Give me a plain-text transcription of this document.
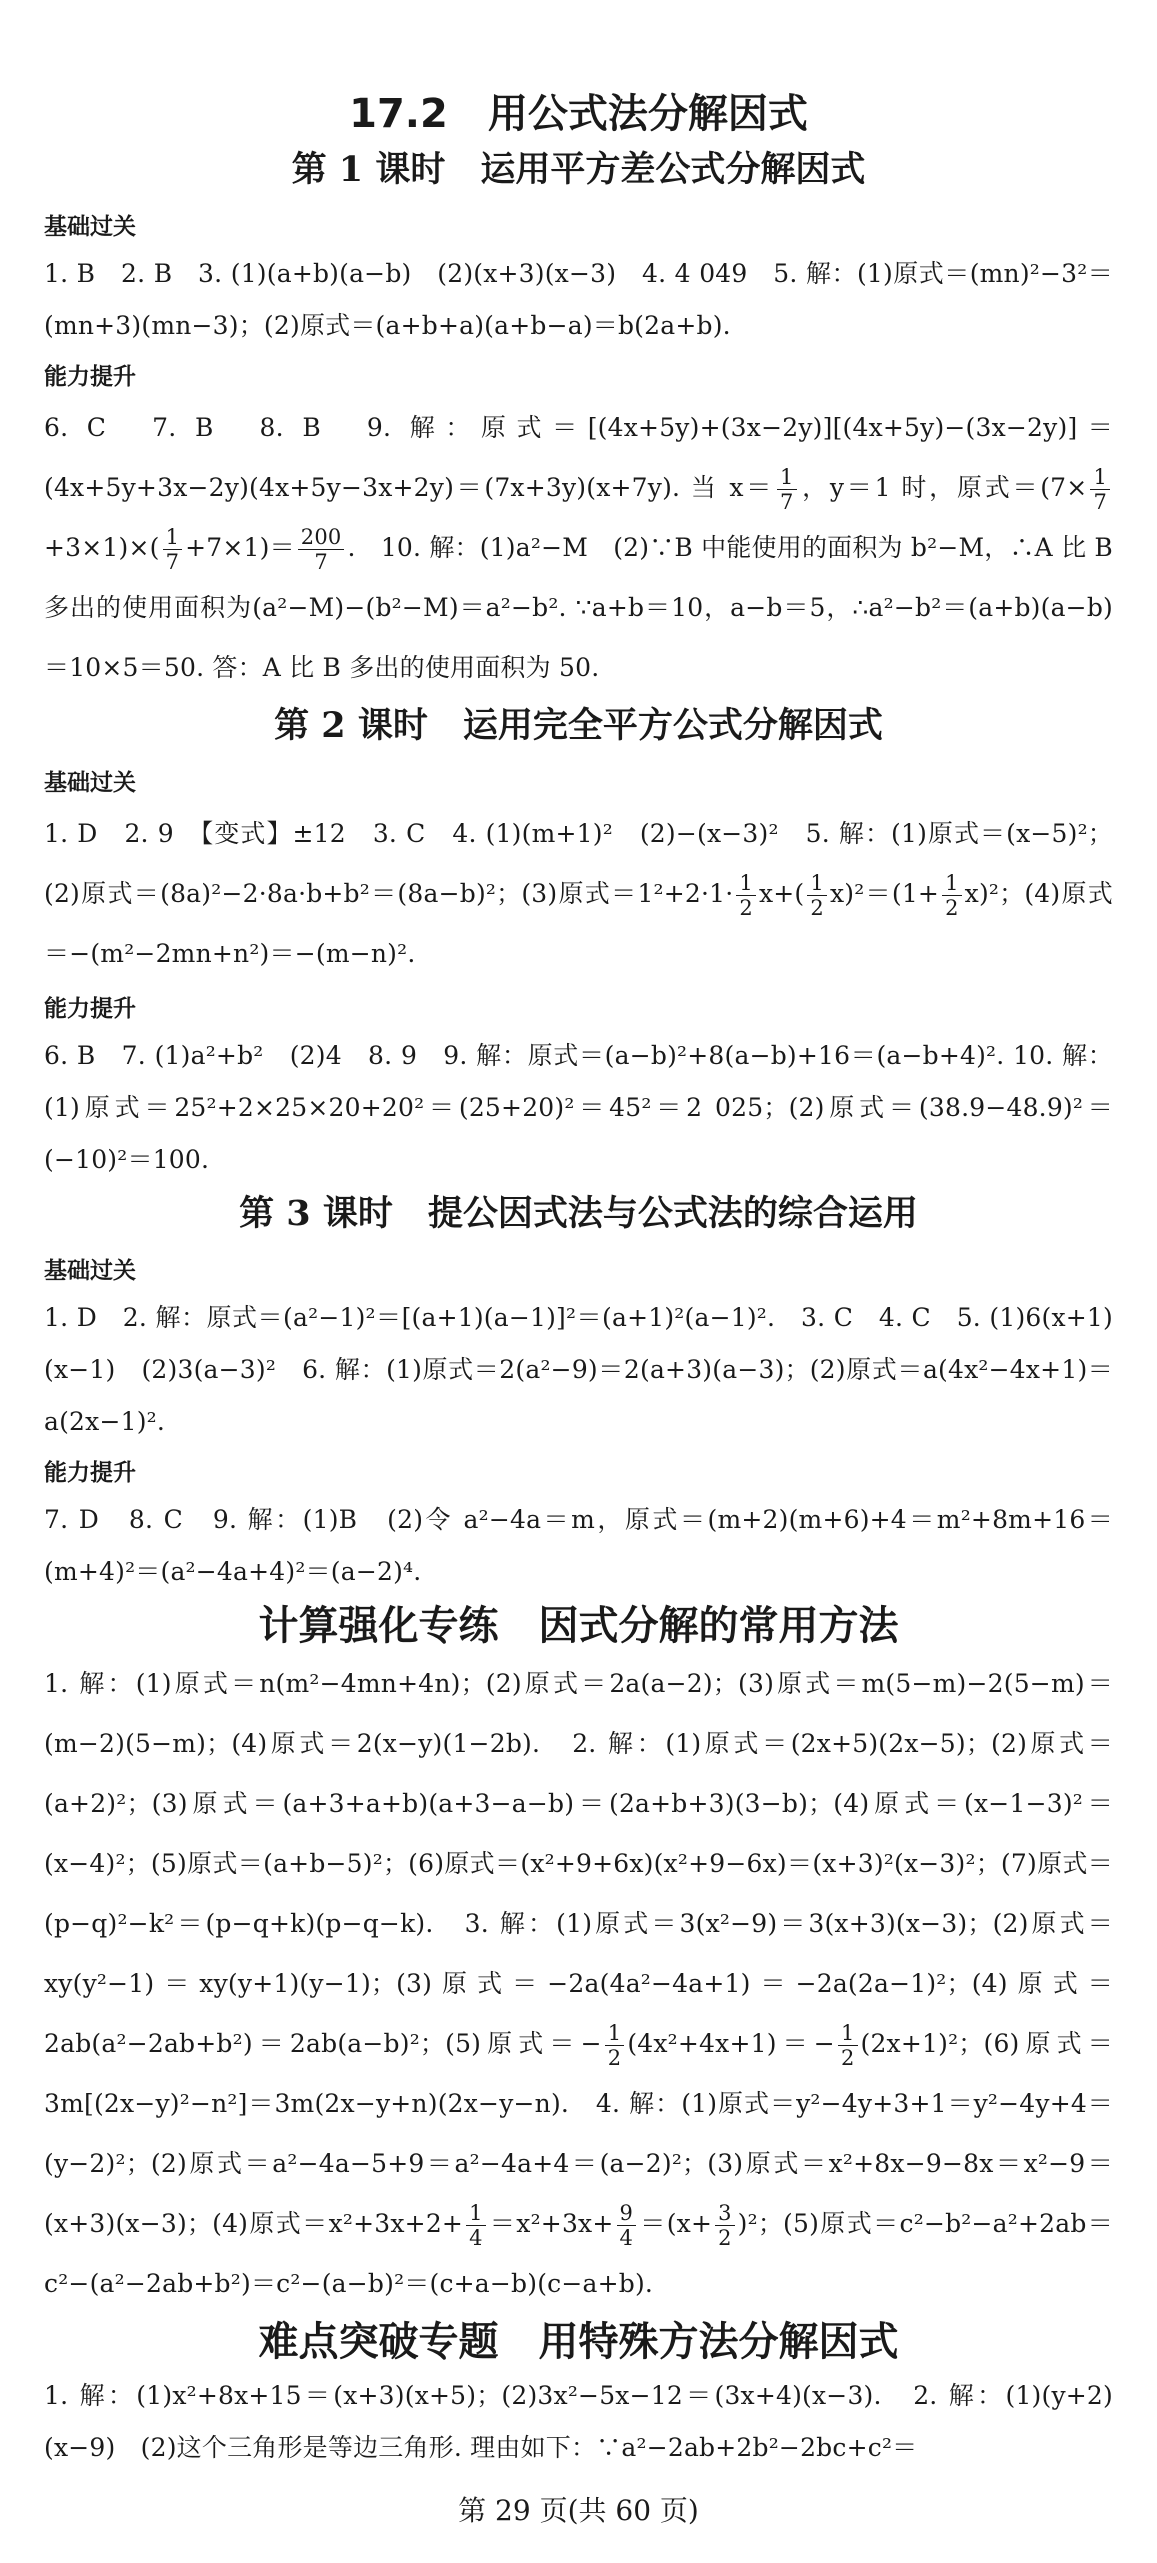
17.2　用公式法分解因式
第 1 课时　运用平方差公式分解因式
基础过关

1. B　2. B　3. (1)(a+b)(a−b)　(2)(x+3)(x−3)　4. 4 049　5. 解：(1)原式＝(mn)²−3²＝(mn+3)(mn−3)；(2)原式＝(a+b+a)(a+b−a)＝b(2a+b).

能力提升

6. C　7. B　8. B　9. 解：原式＝[(4x+5y)+(3x−2y)][(4x+5y)−(3x−2y)]＝(4x+5y+3x−2y)(4x+5y−3x+2y)＝(7x+3y)(x+7y). 当 $x= \frac{1}{7}$ ，y＝1 时，原式$=(7\times \frac{1}{7}$
$+3\times 1)\times( \frac{1}{7} +7\times 1)= \frac{200}{7}$ .　10. 解：(1)a²−M　(2)∵B 中能使用的面积为 b²−M，∴A 比 B 多出的使用面积为(a²−M)−(b²−M)＝a²−b². ∵a+b＝10，a−b＝5，∴a²−b²＝(a+b)(a−b)＝10×5＝50. 答：A 比 B 多出的使用面积为 50.

第 2 课时　运用完全平方公式分解因式
基础过关

1. D　2. 9　【变式】±12　3. C　4. (1)(m+1)²　(2)−(x−3)²　5. 解：(1)原式＝(x−5)²；(2)原式＝(8a)²−2·8a·b+b²＝(8a−b)²；(3)原式$=1^2+2\cdot 1\cdot \frac{1}{2} x+( \frac{1}{2} x)^2=(1+ \frac{1}{2} x)^2$；(4)原式＝−(m²−2mn+n²)＝−(m−n)².

能力提升

6. B　7. (1)a²+b²　(2)4　8. 9　9. 解：原式＝(a−b)²+8(a−b)+16＝(a−b+4)². 10. 解：(1)原式＝25²+2×25×20+20²＝(25+20)²＝45²＝2 025；(2)原式＝(38.9−48.9)²＝(−10)²＝100.

第 3 课时　提公因式法与公式法的综合运用
基础过关

1. D　2. 解：原式＝(a²−1)²＝[(a+1)(a−1)]²＝(a+1)²(a−1)².　3. C　4. C　5. (1)6(x+1)(x−1)　(2)3(a−3)²　6. 解：(1)原式＝2(a²−9)＝2(a+3)(a−3)；(2)原式＝a(4x²−4x+1)＝a(2x−1)².

能力提升

7. D　8. C　9. 解：(1)B　(2)令 a²−4a＝m，原式＝(m+2)(m+6)+4＝m²+8m+16＝(m+4)²＝(a²−4a+4)²＝(a−2)⁴.

计算强化专练　因式分解的常用方法

1. 解：(1)原式＝n(m²−4mn+4n)；(2)原式＝2a(a−2)；(3)原式＝m(5−m)−2(5−m)＝(m−2)(5−m)；(4)原式＝2(x−y)(1−2b).　2. 解：(1)原式＝(2x+5)(2x−5)；(2)原式＝(a+2)²；(3)原式＝(a+3+a+b)(a+3−a−b)＝(2a+b+3)(3−b)；(4)原式＝(x−1−3)²＝(x−4)²；(5)原式＝(a+b−5)²；(6)原式＝(x²+9+6x)(x²+9−6x)＝(x+3)²(x−3)²；(7)原式＝(p−q)²−k²＝(p−q+k)(p−q−k).　3. 解：(1)原式＝3(x²−9)＝3(x+3)(x−3)；(2)原式＝xy(y²−1)＝xy(y+1)(y−1)；(3)原式＝−2a(4a²−4a+1)＝−2a(2a−1)²；(4)原式＝2ab(a²−2ab+b²)＝2ab(a−b)²；(5)原式＝− $\frac{1}{2} (4x^2+4x+1)=- \frac{1}{2} (2x+1)^2$；(6)原式＝3m[(2x−y)²−n²]＝3m(2x−y+n)(2x−y−n).　4. 解：(1)原式＝y²−4y+3+1＝y²−4y+4＝(y−2)²；(2)原式＝a²−4a−5+9＝a²−4a+4＝(a−2)²；(3)原式＝x²+8x−9−8x＝x²−9＝(x+3)(x−3)；(4)原式$=x^2+3x+2+ \frac{1}{4} =x^2+3x+ \frac{9}{4} =(x+ \frac{3}{2} )^2$；(5)原式＝c²−b²−a²+2ab＝c²−(a²−2ab+b²)＝c²−(a−b)²＝(c+a−b)(c−a+b).

难点突破专题　用特殊方法分解因式

1. 解：(1)x²+8x+15＝(x+3)(x+5)；(2)3x²−5x−12＝(3x+4)(x−3).　2. 解：(1)(y+2)(x−9)　(2)这个三角形是等边三角形. 理由如下：∵a²−2ab+2b²−2bc+c²＝

第 29 页(共 60 页)
